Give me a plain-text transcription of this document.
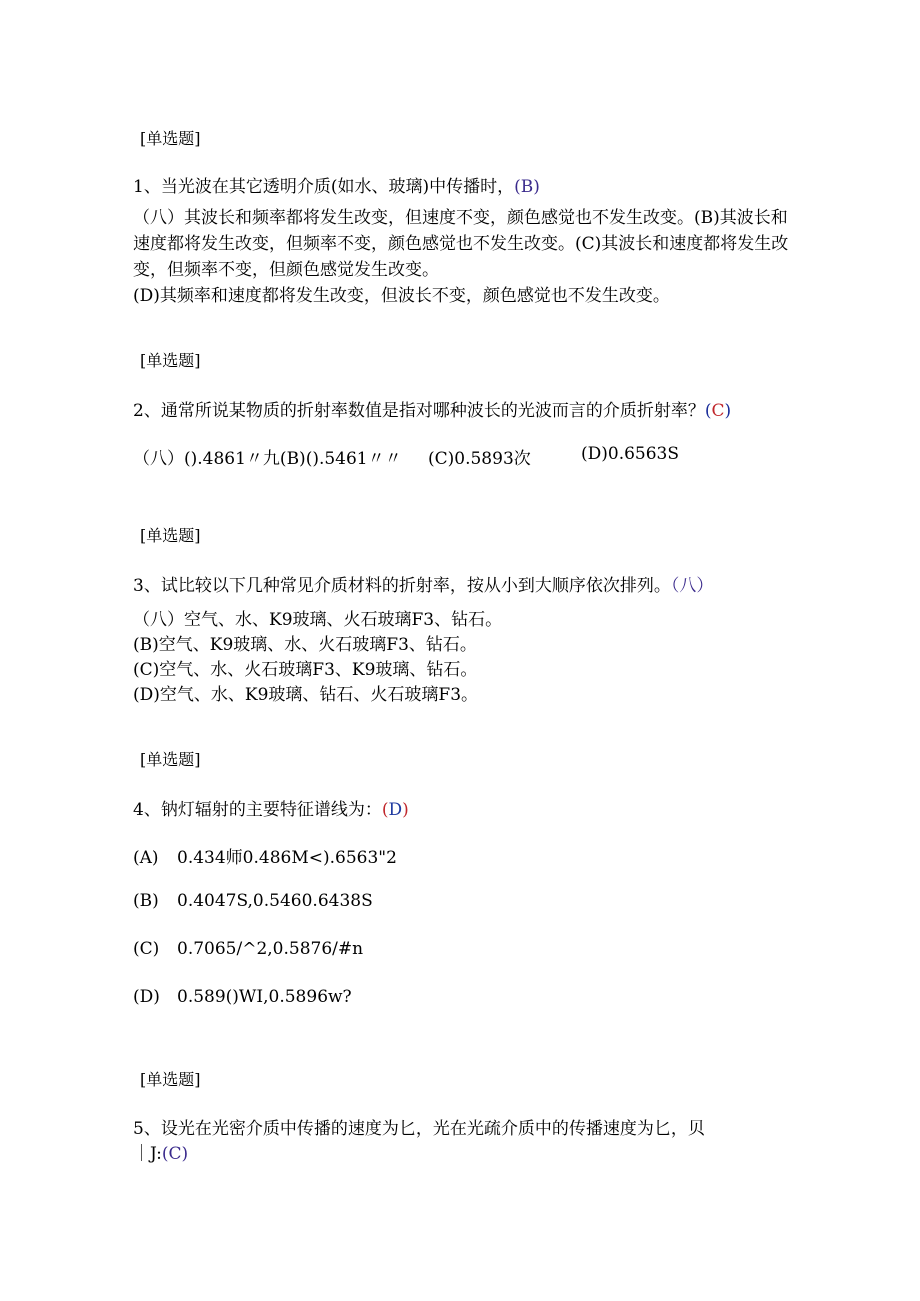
[单选题]
1、当光波在其它透明介质(如水、玻璃)中传播时，(B)
（八）其波长和频率都将发生改变，但速度不变，颜色感觉也不发生改变。(B)其波长和速度都将发生改变，但频率不变，颜色感觉也不发生改变。(C)其波长和速度都将发生改变，但频率不变，但颜色感觉发生改变。
(D)其频率和速度都将发生改变，但波长不变，颜色感觉也不发生改变。
[单选题]
2、通常所说某物质的折射率数值是指对哪种波长的光波而言的介质折射率？(C)
（八）().4861〃九(B)().5461〃〃 (C)0.5893次	(D)0.6563S
[单选题]
3、试比较以下几种常见介质材料的折射率，按从小到大顺序依次排列。（八）
（八）空气、水、K9玻璃、火石玻璃F3、钻石。
(B)空气、K9玻璃、水、火石玻璃F3、钻石。
(C)空气、水、火石玻璃F3、K9玻璃、钻石。
(D)空气、水、K9玻璃、钻石、火石玻璃F3。
[单选题]
4、钠灯辐射的主要特征谱线为：(D)
(A) 0.434师0.486M<).6563"2
(B) 0.4047S,0.5460.6438S
(C) 0.7065/^2,0.5876/#n
(D) 0.589()WI,0.5896w?
[单选题]
5、设光在光密介质中传播的速度为匕，光在光疏介质中的传播速度为匕，贝
｜J:(C)
